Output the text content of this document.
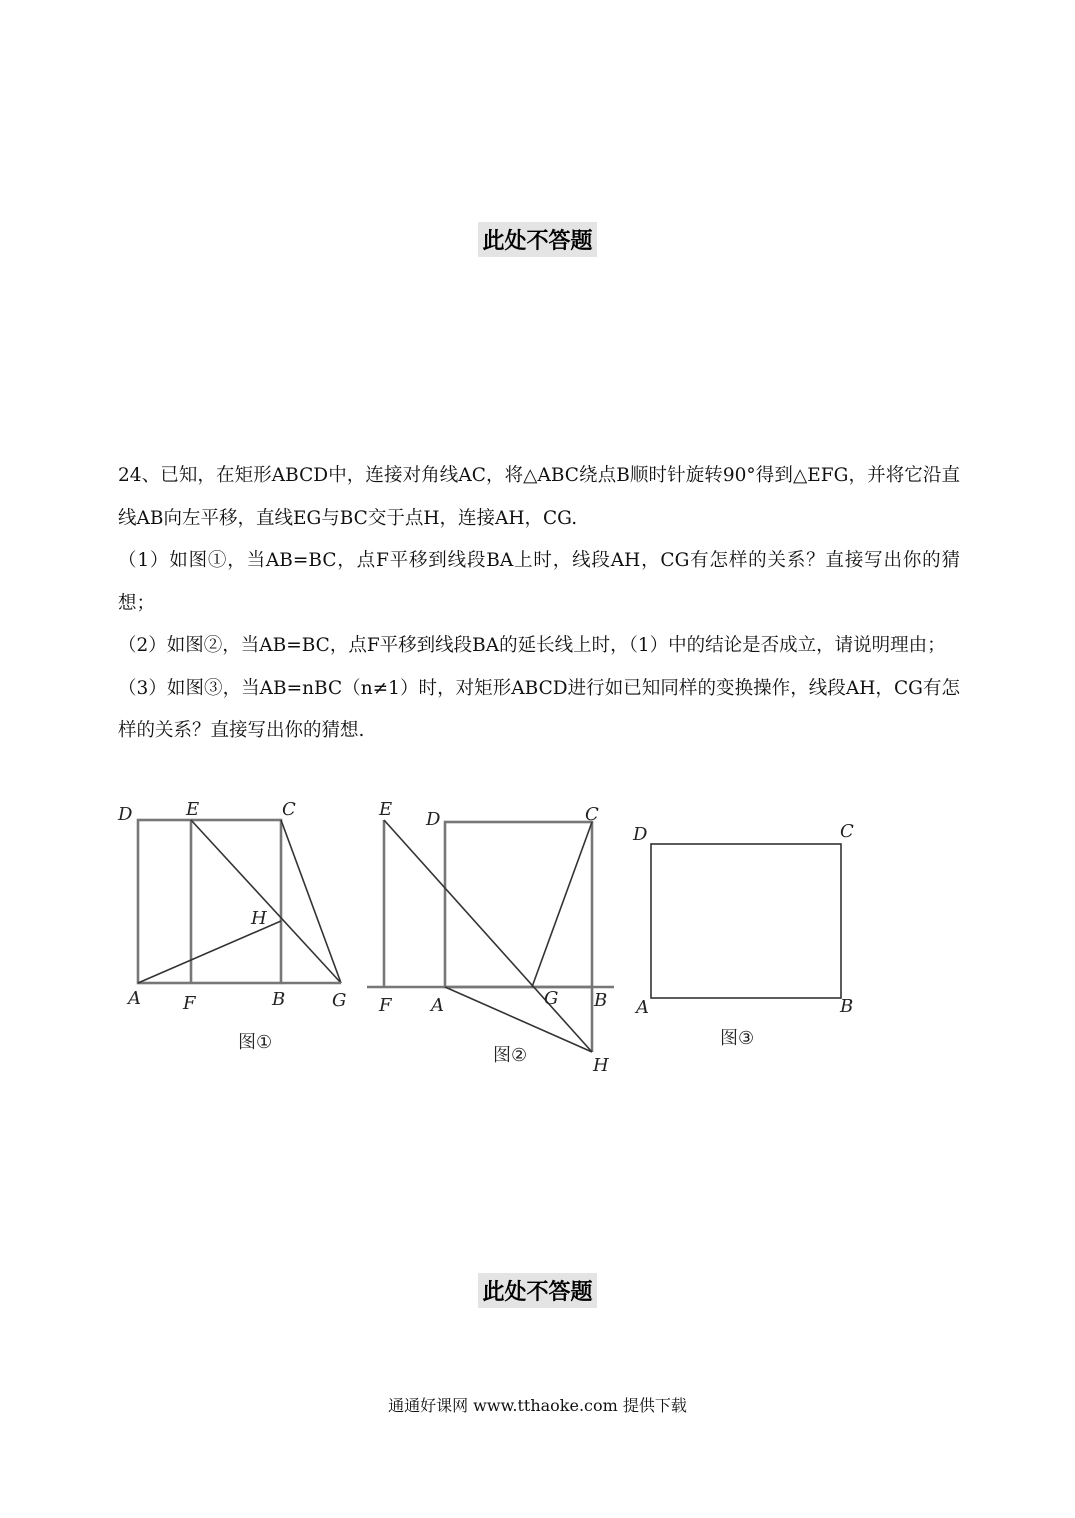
此处不答题

24、已知，在矩形ABCD中，连接对角线AC，将△ABC绕点B顺时针旋转90°得到△EFG，并将它沿直线AB向左平移，直线EG与BC交于点H，连接AH，CG.

（1）如图①，当AB=BC，点F平移到线段BA上时，线段AH，CG有怎样的关系？直接写出你的猜想；

（2）如图②，当AB=BC，点F平移到线段BA的延长线上时，（1）中的结论是否成立，请说明理由；

（3）如图③，当AB=nBC（n≠1）时，对矩形ABCD进行如已知同样的变换操作，线段AH，CG有怎样的关系？直接写出你的猜想.

D	E	C
H
A F	B	G
图①
E D	C
F A	G B
H
图②
D	C
A	B
图③
此处不答题
通通好课网 www.tthaoke.com 提供下载
